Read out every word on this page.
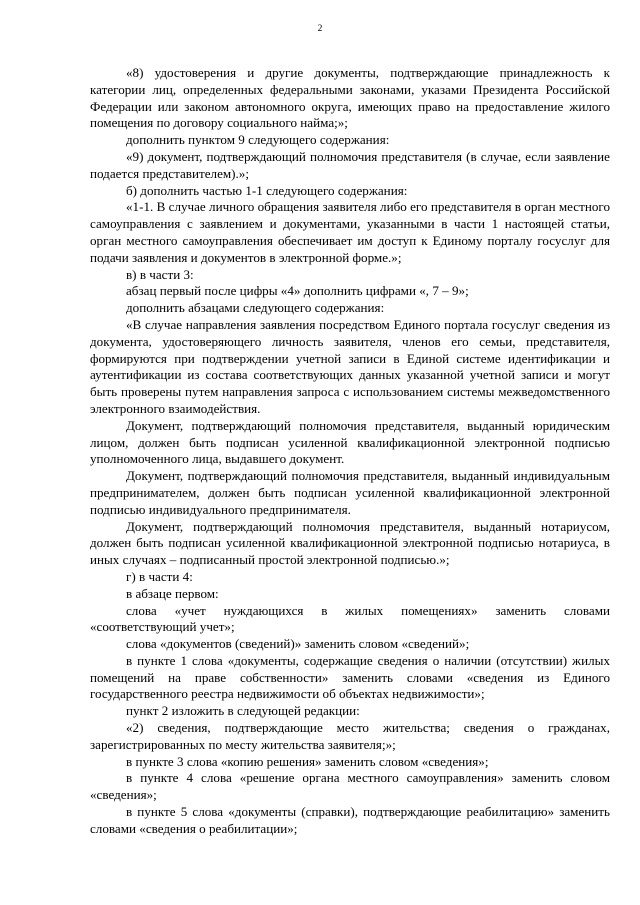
2

«8) удостоверения и другие документы, подтверждающие принадлежность к категории лиц, определенных федеральными законами, указами Президента Российской Федерации или законом автономного округа, имеющих право на предоставление жилого помещения по договору социального найма;»;

дополнить пунктом 9 следующего содержания:

«9) документ, подтверждающий полномочия представителя (в случае, если заявление подается представителем).»;

б) дополнить частью 1-1 следующего содержания:

«1-1. В случае личного обращения заявителя либо его представителя в орган местного самоуправления с заявлением и документами, указанными в части 1 настоящей статьи, орган местного самоуправления обеспечивает им доступ к Единому порталу госуслуг для подачи заявления и документов в электронной форме.»;

в) в части 3:

абзац первый после цифры «4» дополнить цифрами «, 7 – 9»;

дополнить абзацами следующего содержания:

«В случае направления заявления посредством Единого портала госуслуг сведения из документа, удостоверяющего личность заявителя, членов его семьи, представителя, формируются при подтверждении учетной записи в Единой системе идентификации и аутентификации из состава соответствующих данных указанной учетной записи и могут быть проверены путем направления запроса с использованием системы межведомственного электронного взаимодействия.

Документ, подтверждающий полномочия представителя, выданный юридическим лицом, должен быть подписан усиленной квалификационной электронной подписью уполномоченного лица, выдавшего документ.

Документ, подтверждающий полномочия представителя, выданный индивидуальным предпринимателем, должен быть подписан усиленной квалификационной электронной подписью индивидуального предпринимателя.

Документ, подтверждающий полномочия представителя, выданный нотариусом, должен быть подписан усиленной квалификационной электронной подписью нотариуса, в иных случаях – подписанный простой электронной подписью.»;

г) в части 4:

в абзаце первом:

слова «учет нуждающихся в жилых помещениях» заменить словами «соответствующий учет»;

слова «документов (сведений)» заменить словом «сведений»;

в пункте 1 слова «документы, содержащие сведения о наличии (отсутствии) жилых помещений на праве собственности» заменить словами «сведения из Единого государственного реестра недвижимости об объектах недвижимости»;

пункт 2 изложить в следующей редакции:

«2) сведения, подтверждающие место жительства; сведения о гражданах, зарегистрированных по месту жительства заявителя;»;

в пункте 3 слова «копию решения» заменить словом «сведения»;

в пункте 4 слова «решение органа местного самоуправления» заменить словом «сведения»;

в пункте 5 слова «документы (справки), подтверждающие реабилитацию» заменить словами «сведения о реабилитации»;
